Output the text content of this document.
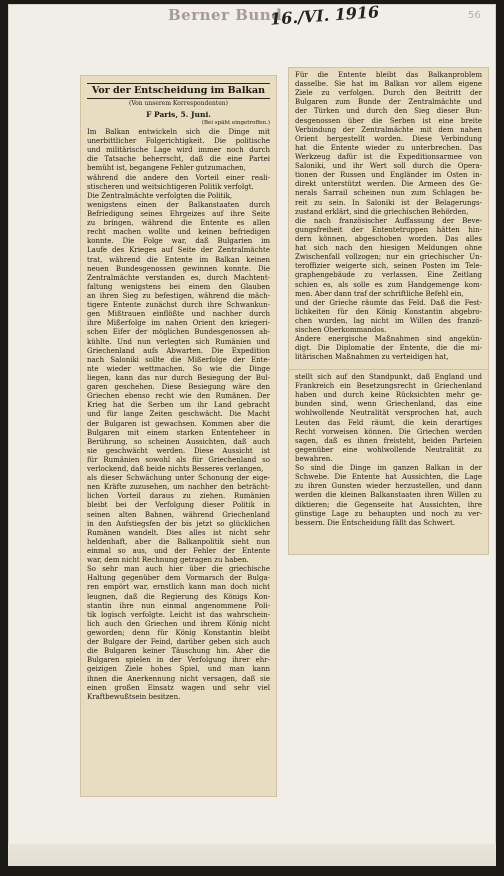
Berner Bund
16./VI. 1916	56
Vor der Entscheidung im Balkan
(Von unserem Korrespondenten)
F Paris, 5. Juni.
(Bei späht eingetroffen.)
Im Balkan entwickeln sich die Dinge mit
unerbittlicher Folgerichtigkeit. Die politische
und militärische Lage wird immer noch durch
die Tatsache beherrscht, daß die eine Partei
bemüht ist, begangene Fehler gutzumachen,
während die andere den Vorteil einer reali-
stischeren und weitsichtigeren Politik verfolgt.
Die Zentralmächte verfolgten die Politik,
wenigstens einen der Balkanstaaten durch
Befriedigung seines Ehrgeizes auf ihre Seite
zu bringen, während die Entente es allen
recht machen wollte und keinen befriedigen
konnte. Die Folge war, daß Bulgarien im
Laufe des Krieges auf Seite der Zentralmächte
trat, während die Entente im Balkan keinen
neuen Bundesgenossen gewinnen konnte. Die
Zentralmächte verstanden es, durch Machtent-
faltung wenigstens bei einem den Glauben
an ihren Sieg zu befestigen, während die mäch-
tigere Entente zunächst durch ihre Schwankun-
gen Mißtrauen einflößte und nachher durch
ihre Mißerfolge im nahen Orient den kriegeri-
schen Eifer der möglichen Bundesgenossen ab-
kühlte. Und nun verlegten sich Rumänien und
Griechenland aufs Abwarten. Die Expedition
nach Saloniki sollte die Mißerfolge der Ente-
nte wieder wettmachen. So wie die Dinge
liegen, kann das nur durch Besiegung der Bul-
garen geschehen. Diese Besiegung wäre den
Griechen ebenso recht wie den Rumänen. Der
Krieg hat die Serben um ihr Land gebracht
und für lange Zeiten geschwächt. Die Macht
der Bulgaren ist gewachsen. Kommen aber die
Bulgaren mit einem starken Ententeheer in
Berührung, so scheinen Aussichten, daß auch
sie geschwächt werden. Diese Aussicht ist
für Rumänien sowohl als für Griechenland so
verlockend, daß beide nichts Besseres verlangen,
als dieser Schwächung unter Schonung der eige-
nen Kräfte zuzusehen, um nachher den beträcht-
lichen Vorteil daraus zu ziehen. Rumänien
bleibt bei der Verfolgung dieser Politik in
seinen alten Bahnen, während Griechenland
in den Aufstiegsfen der bis jetzt so glücklichen
Rumänen wandelt. Dies alles ist nicht sehr
heldenhaft, aber die Balkanpolitik sieht nun
einmal so aus, und der Fehler der Entente
war, dem nicht Rechnung getragen zu haben.
So sehr man auch hier über die griechische
Haltung gegenüber dem Vormarsch der Bulga-
ren empört war, ernstlich kann man doch nicht
leugnen, daß die Regierung des Königs Kon-
stantin ihre nun einmal angenommene Poli-
tik logisch verfolgte. Leicht ist das wahrschein-
lich auch den Griechen und ihrem König nicht
geworden; denn für König Konstantin bleibt
der Bulgare der Feind, darüber geben sich auch
die Bulgaren keiner Täuschung hin. Aber die
Bulgaren spielen in der Verfolgung ihrer ehr-
geizigen Ziele hohes Spiel, und man kann
ihnen die Anerkennung nicht versagen, daß sie
einen großen Einsatz wagen und sehr viel
Kraftbewußtsein besitzen.
Für die Entente bleibt das Balkanproblem
dasselbe. Sie hat im Balkan vor allem eigene
Ziele zu verfolgen. Durch den Beitritt der
Bulgaren zum Bunde der Zentralmächte und
der Türken und durch den Sieg dieser Bun-
desgenossen über die Serben ist eine breite
Verbindung der Zentralmächte mit dem nahen
Orient hergestellt worden. Diese Verbindung
hat die Entente wieder zu unterbrechen. Das
Werkzeug dafür ist die Expeditionsarmee von
Saloniki, und ihr Wert soll durch die Opera-
tionen der Russen und Engländer im Osten in-
direkt unterstützt werden. Die Armeen des Ge-
nerals Sarrail scheinen nun zum Schlagen be-
reit zu sein. In Saloniki ist der Belagerungs-
zustand erklärt, sind die griechischen Behörden,
die nach französischer Auffassung der Beve-
gungsfreiheit der Ententetruppen hätten hin-
dern können, abgeschoben worden. Das alles
hat sich nach den hiesigen Meldungen ohne
Zwischenfall vollzogen; nur ein griechischer Un-
teroffizier weigerte sich, seinen Posten im Tele-
graphengebäude zu verlassen. Eine Zeitlang
schien es, als solle es zum Handgemenge kom-
men. Aber dann traf der schriftliche Befehl ein,
und der Grieche räumte das Feld. Daß die Fest-
lichkeiten für den König Konstantin abgebro-
chen wurden, lag nicht im Willen des franzö-
sischen Oberkommandos.
Andere energische Maßnahmen sind angekün-
digt. Die Diplomatie der Entente, die die mi-
litärischen Maßnahmen zu verteidigen hat,
stellt sich auf den Standpunkt, daß England und
Frankreich ein Besetzungsrecht in Griechenland
haben und durch keine Rücksichten mehr ge-
bunden sind, wenn Griechenland, das eine
wohlwollende Neutralität versprochen hat, auch
Leuten das Feld räumt, die kein derartiges
Recht vorweisen können. Die Griechen werden
sagen, daß es ihnen freisteht, beiden Parteien
gegenüber eine wohlwollende Neutralität zu
bewahren.
So sind die Dinge im ganzen Balkan in der
Schwebe. Die Entente hat Aussichten, die Lage
zu ihren Gunsten wieder herzustellen, und dann
werden die kleinen Balkanstaaten ihren Willen zu
diktieren; die Gegenseite hat Aussichten, ihre
günstige Lage zu behaupten und noch zu ver-
bessern. Die Entscheidung fällt das Schwert.
